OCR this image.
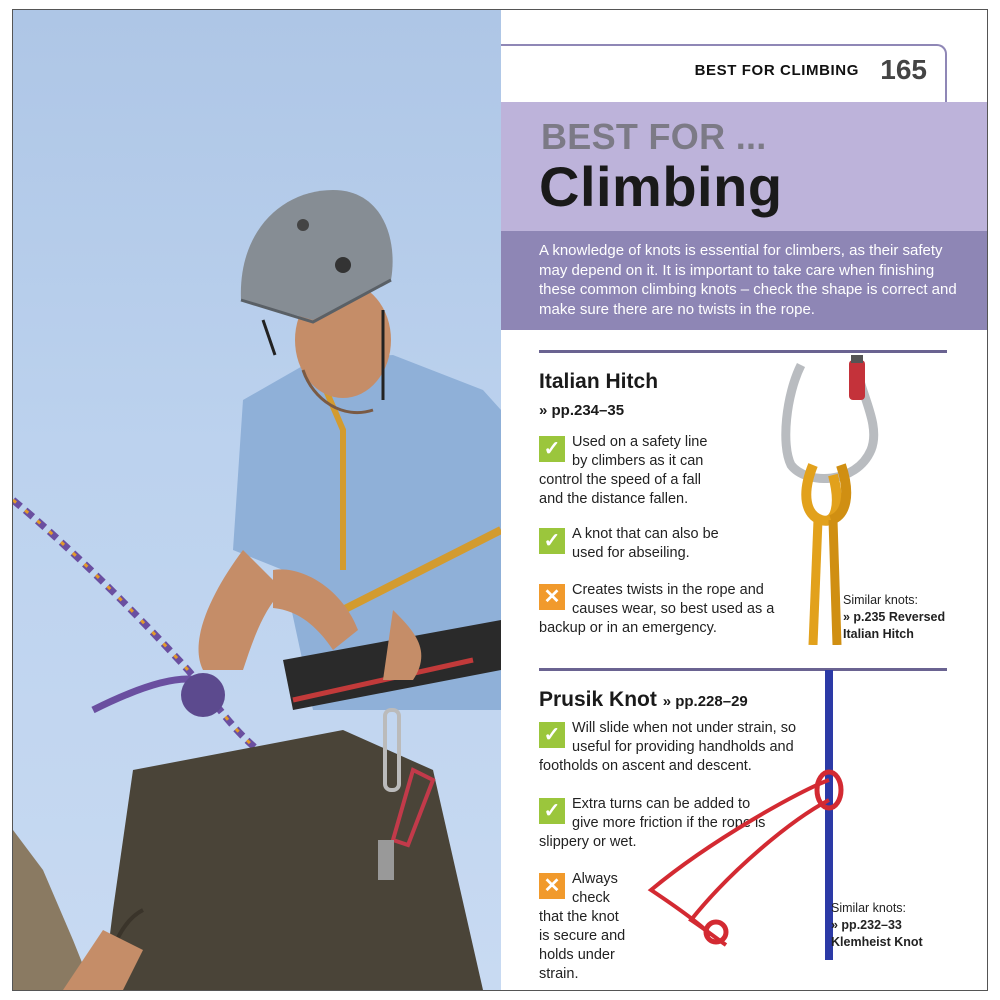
BEST FOR CLIMBING 165
BEST FOR ...
Climbing
A knowledge of knots is essential for climbers, as their safety may depend on it. It is important to take care when finishing these common climbing knots – check the shape is correct and make sure there are no twists in the rope.
Italian Hitch
» pp.234–35
✓ Used on a safety line by climbers as it can control the speed of a fall and the distance fallen.
✓ A knot that can also be used for abseiling.
✕ Creates twists in the rope and causes wear, so best used as a backup or in an emergency.
Similar knots:
» p.235 Reversed Italian Hitch
Prusik Knot » pp.228–29
✓ Will slide when not under strain, so useful for providing handholds and footholds on ascent and descent.
✓ Extra turns can be added to give more friction if the rope is slippery or wet.
✕ Always check that the knot is secure and holds under strain.
Similar knots:
» pp.232–33 Klemheist Knot
